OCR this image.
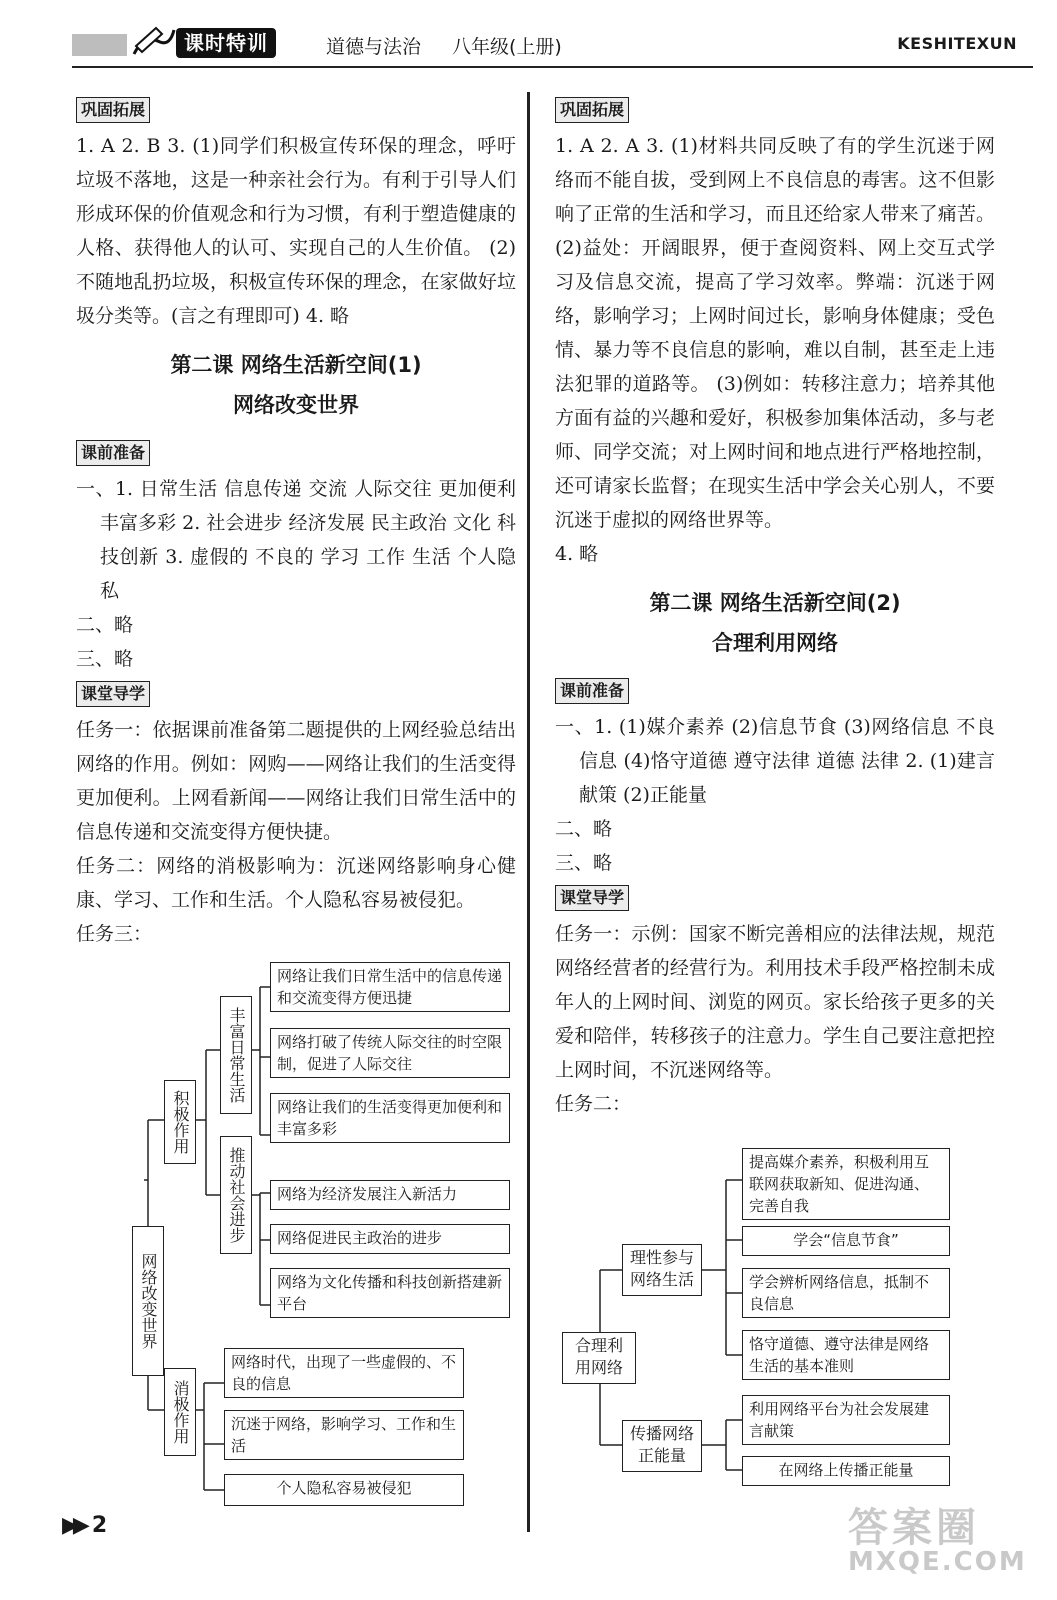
课时特训	道德与法治 八年级(上册)	KESHITEXUN
巩固拓展
1. A 2. B 3. (1)同学们积极宣传环保的理念，呼吁垃圾不落地，这是一种亲社会行为。有利于引导人们形成环保的价值观念和行为习惯，有利于塑造健康的人格、获得他人的认可、实现自己的人生价值。 (2)不随地乱扔垃圾，积极宣传环保的理念，在家做好垃圾分类等。(言之有理即可) 4. 略
第二课 网络生活新空间(1)
网络改变世界
课前准备
一、1. 日常生活 信息传递 交流 人际交往 更加便利 丰富多彩 2. 社会进步 经济发展 民主政治 文化 科技创新 3. 虚假的 不良的 学习 工作 生活 个人隐私
二、略
三、略
课堂导学
任务一：依据课前准备第二题提供的上网经验总结出网络的作用。例如：网购——网络让我们的生活变得更加便利。上网看新闻——网络让我们日常生活中的信息传递和交流变得方便快捷。
任务二：网络的消极影响为：沉迷网络影响身心健康、学习、工作和生活。个人隐私容易被侵犯。
任务三：
网络改变世界
积极作用
消极作用
丰富日常生活
推动社会进步
网络让我们日常生活中的信息传递和交流变得方便迅捷
网络打破了传统人际交往的时空限制，促进了人际交往
网络让我们的生活变得更加便利和丰富多彩
网络为经济发展注入新活力
网络促进民主政治的进步
网络为文化传播和科技创新搭建新平台
网络时代，出现了一些虚假的、不良的信息
沉迷于网络，影响学习、工作和生活
个人隐私容易被侵犯
巩固拓展
1. A 2. A 3. (1)材料共同反映了有的学生沉迷于网络而不能自拔，受到网上不良信息的毒害。这不但影响了正常的生活和学习，而且还给家人带来了痛苦。 (2)益处：开阔眼界，便于查阅资料、网上交互式学习及信息交流，提高了学习效率。弊端：沉迷于网络，影响学习；上网时间过长，影响身体健康；受色情、暴力等不良信息的影响，难以自制，甚至走上违法犯罪的道路等。 (3)例如：转移注意力；培养其他方面有益的兴趣和爱好，积极参加集体活动，多与老师、同学交流；对上网时间和地点进行严格地控制，还可请家长监督；在现实生活中学会关心别人，不要沉迷于虚拟的网络世界等。
4. 略
第二课 网络生活新空间(2)
合理利用网络
课前准备
一、1. (1)媒介素养 (2)信息节食 (3)网络信息 不良信息 (4)恪守道德 遵守法律 道德 法律 2. (1)建言献策 (2)正能量
二、略
三、略
课堂导学
任务一：示例：国家不断完善相应的法律法规，规范网络经营者的经营行为。利用技术手段严格控制未成年人的上网时间、浏览的网页。家长给孩子更多的关爱和陪伴，转移孩子的注意力。学生自己要注意把控上网时间，不沉迷网络等。
任务二：
合理利用网络
理性参与网络生活
传播网络正能量
提高媒介素养，积极利用互联网获取新知、促进沟通、完善自我
学会“信息节食”
学会辨析网络信息，抵制不良信息
恪守道德、遵守法律是网络生活的基本准则
利用网络平台为社会发展建言献策
在网络上传播正能量
▶▶ 2	答案圈
MXQE.COM
